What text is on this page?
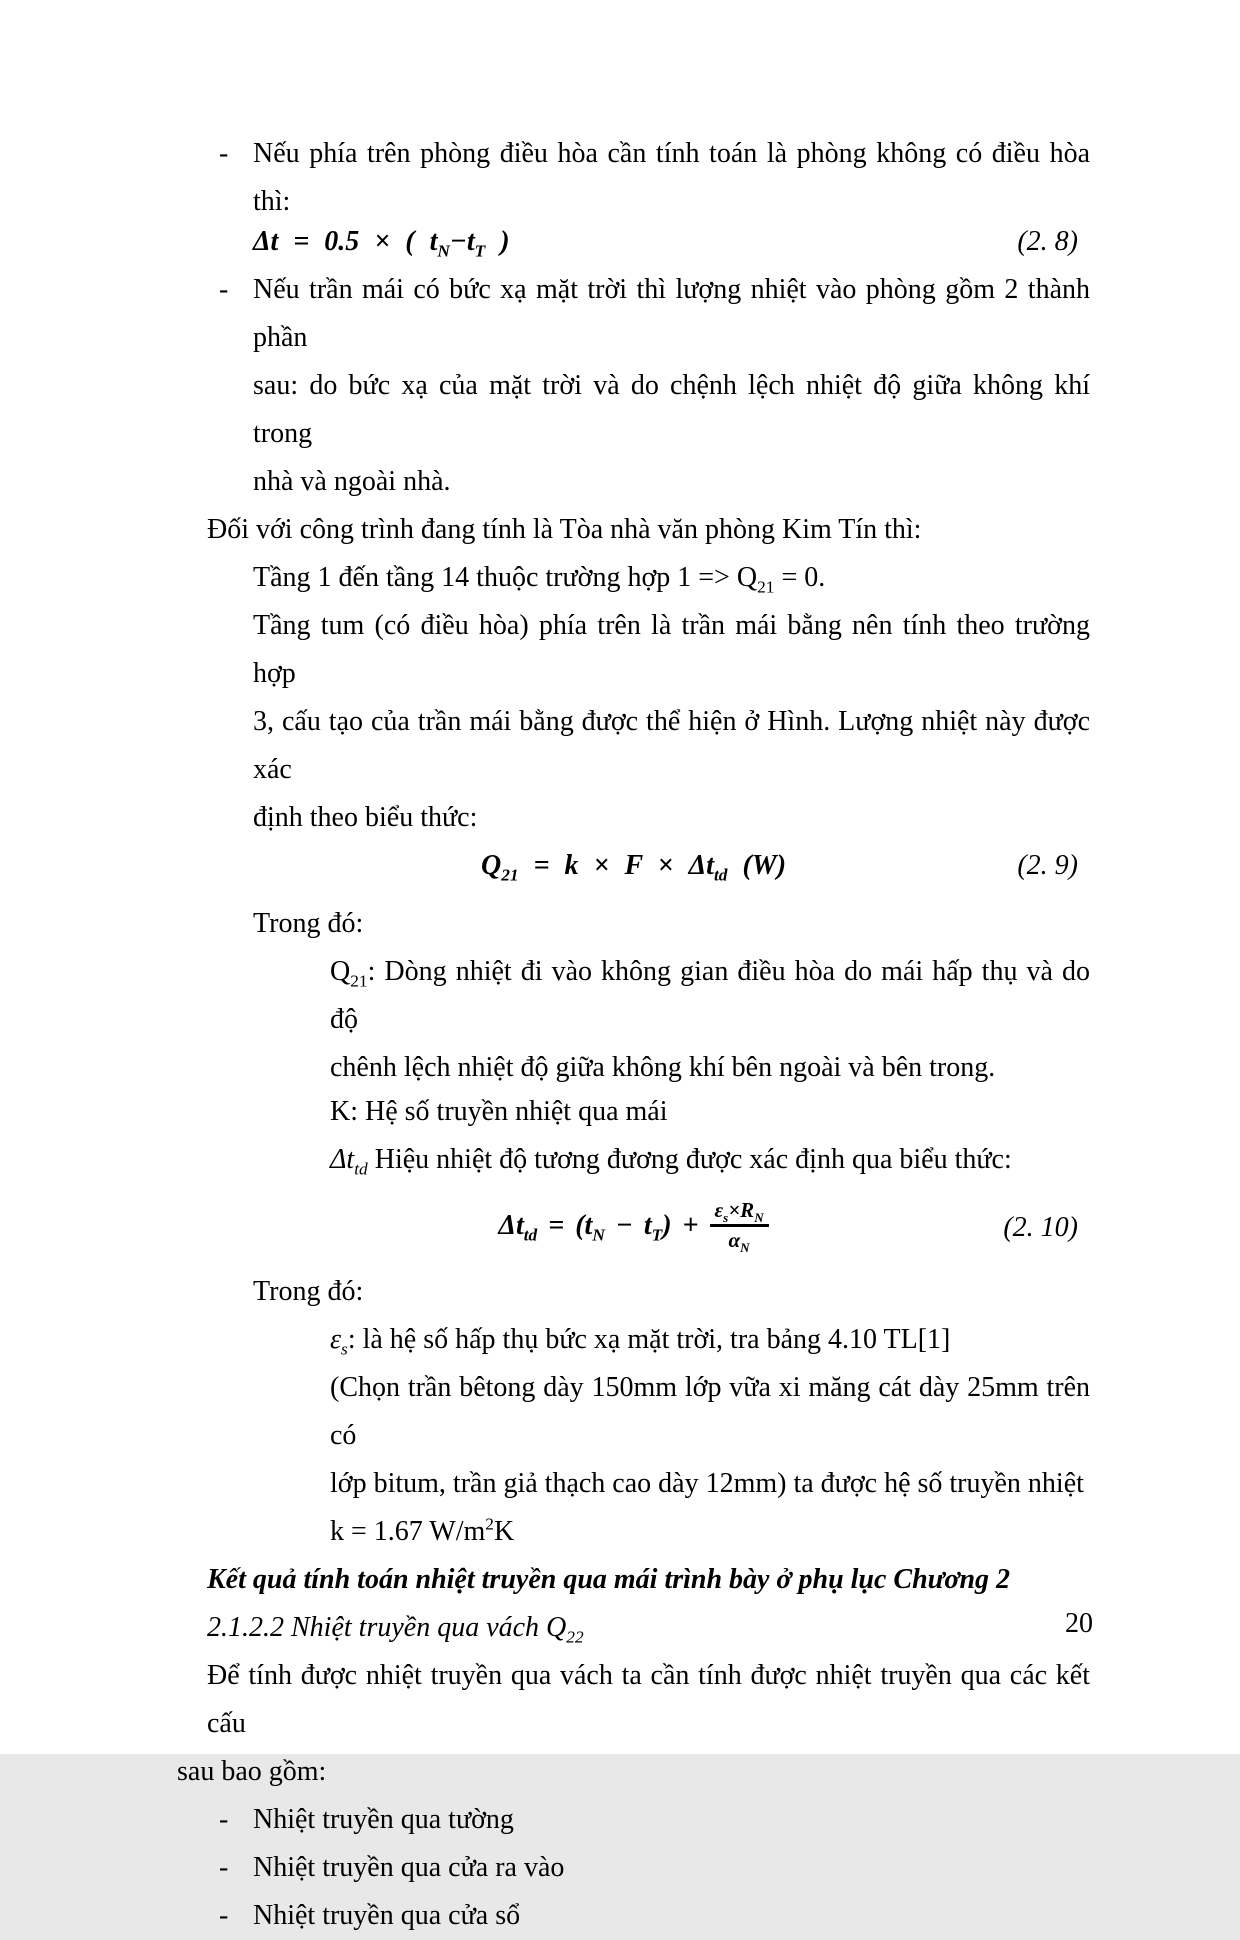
- Nếu phía trên phòng điều hòa cần tính toán là phòng không có điều hòa thì:
Δt = 0.5 × ( $t_N-t_T$ )	(2. 8)
- Nếu trần mái có bức xạ mặt trời thì lượng nhiệt vào phòng gồm 2 thành phần
sau: do bức xạ của mặt trời và do chệnh lệch nhiệt độ giữa không khí trong
nhà và ngoài nhà.
Đối với công trình đang tính là Tòa nhà văn phòng Kim Tín thì:
Tầng 1 đến tầng 14 thuộc trường hợp $1 => Q_{21} = 0$.
Tầng tum (có điều hòa) phía trên là trần mái bằng nên tính theo trường hợp
3, cấu tạo của trần mái bằng được thể hiện ở Hình. Lượng nhiệt này được xác
định theo biểu thức:
$Q_{21} = k \times F \times \Delta t_{td}$ (W)	(2. 9)
Trong đó:
$Q_{21}$: Dòng nhiệt đi vào không gian điều hòa do mái hấp thụ và do độ
chênh lệch nhiệt độ giữa không khí bên ngoài và bên trong.
K: Hệ số truyền nhiệt qua mái
$\Delta t_{td}$ Hiệu nhiệt độ tương đương được xác định qua biểu thức:
$\Delta t_{td} = (t_N - t_T) + \frac{\varepsilon_s\times R_N}{\alpha_N}$	(2. 10)
Trong đó:
$\varepsilon_s$: là hệ số hấp thụ bức xạ mặt trời, tra bảng 4.10 TL[1]
(Chọn trần bêtong dày 150mm lớp vữa xi măng cát dày 25mm trên có
lớp bitum, trần giả thạch cao dày 12mm) ta được hệ số truyền nhiệt
k = 1.67 $W/m^2K$
Kết quả tính toán nhiệt truyền qua mái trình bày ở phụ lục Chương 2
2.1.2.2 Nhiệt truyền qua vách $Q_{22}$
Để tính được nhiệt truyền qua vách ta cần tính được nhiệt truyền qua các kết cấu
sau bao gồm:
- Nhiệt truyền qua tường
- Nhiệt truyền qua cửa ra vào
- Nhiệt truyền qua cửa sổ
20
